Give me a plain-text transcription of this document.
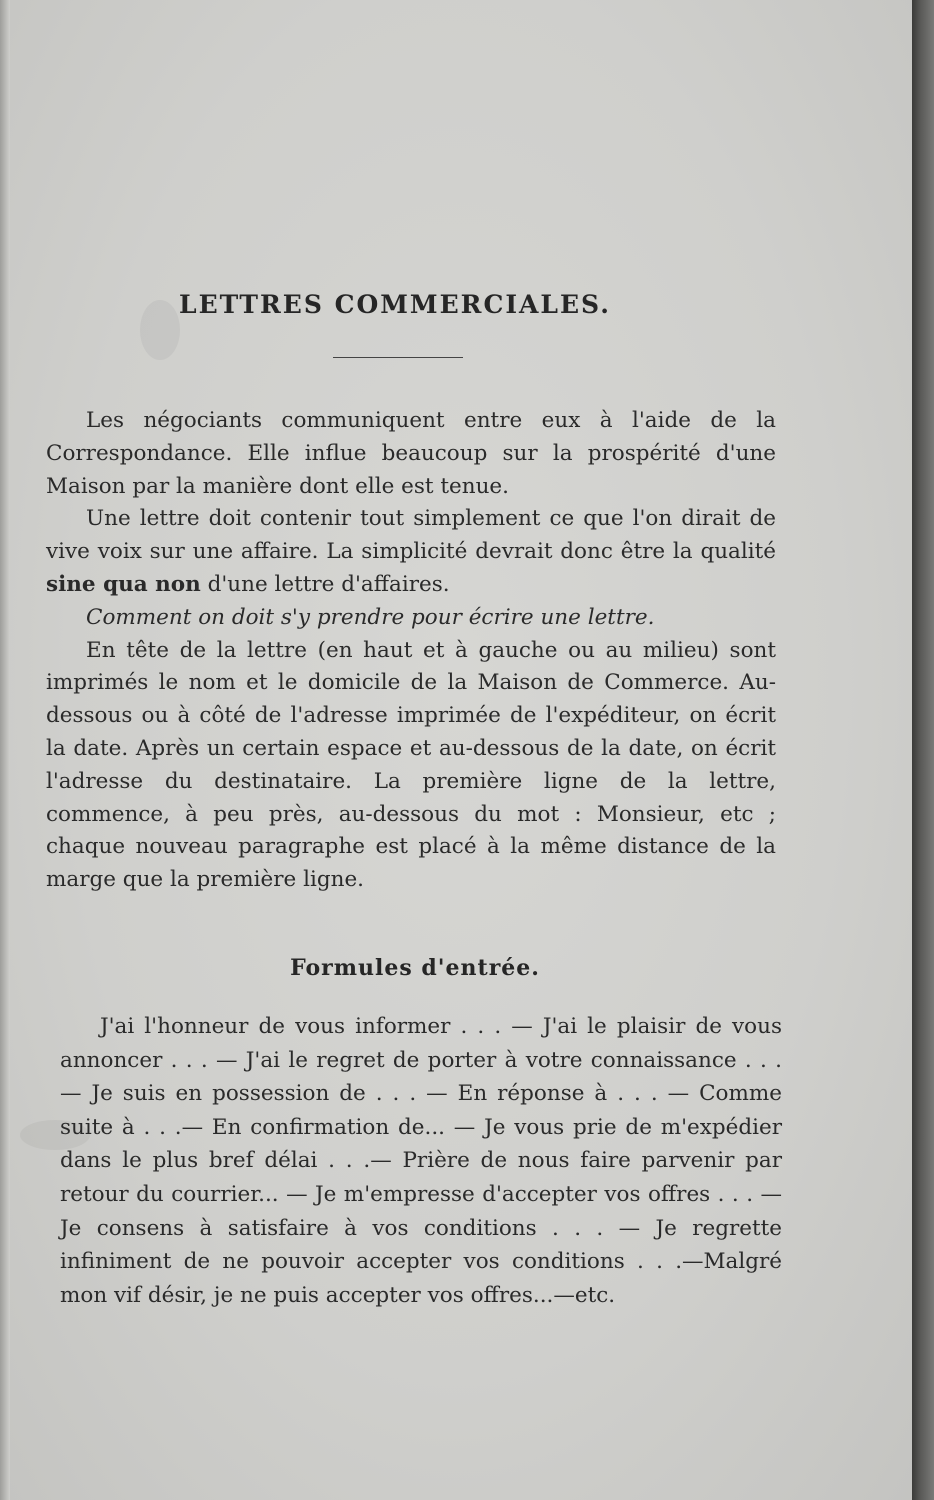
LETTRES COMMERCIALES.

Les négociants communiquent entre eux à l'aide de la Correspondance. Elle influe beaucoup sur la prospérité d'une Maison par la manière dont elle est tenue.

Une lettre doit contenir tout simplement ce que l'on dirait de vive voix sur une affaire. La simplicité devrait donc être la qualité sine qua non d'une lettre d'affaires.

Comment on doit s'y prendre pour écrire une lettre.

En tête de la lettre (en haut et à gauche ou au milieu) sont imprimés le nom et le domicile de la Maison de Commerce. Au-dessous ou à côté de l'adresse imprimée de l'expéditeur, on écrit la date. Après un certain espace et au-dessous de la date, on écrit l'adresse du destinataire. La première ligne de la lettre, commence, à peu près, au-dessous du mot : Monsieur, etc ; chaque nouveau paragraphe est placé à la même distance de la marge que la première ligne.

Formules d'entrée.
J'ai l'honneur de vous informer . . . — J'ai le plaisir de vous annoncer . . . — J'ai le regret de porter à votre connaissance . . . — Je suis en possession de . . . — En réponse à . . . — Comme suite à . . .— En confirmation de... — Je vous prie de m'expédier dans le plus bref délai . . .— Prière de nous faire parvenir par retour du courrier... — Je m'empresse d'accepter vos offres . . . — Je consens à satisfaire à vos conditions . . . — Je regrette infiniment de ne pouvoir accepter vos conditions . . .—Malgré mon vif désir, je ne puis accepter vos offres...—etc.
